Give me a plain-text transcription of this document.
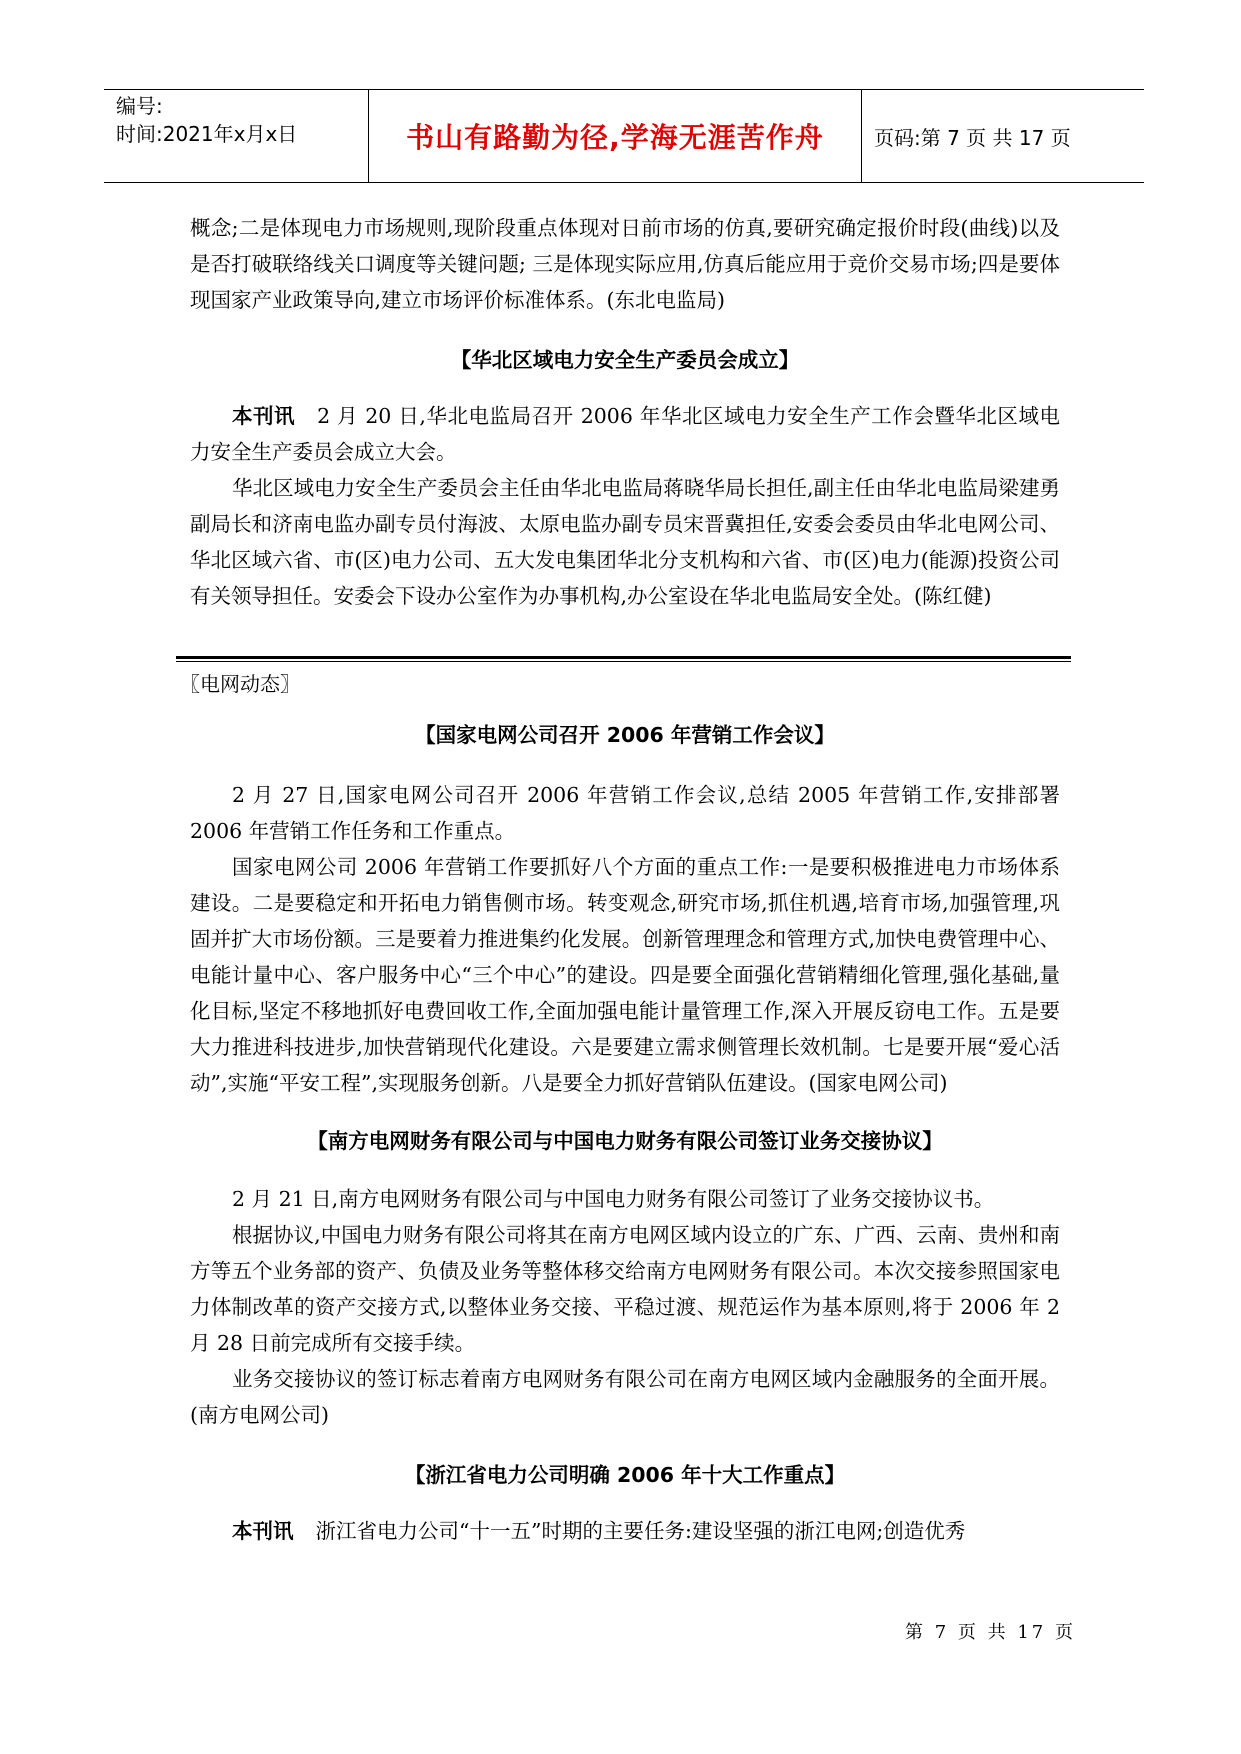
编号:
时间:2021年x月x日	书山有路勤为径,学海无涯苦作舟	页码:第 7 页 共 17 页

概念;二是体现电力市场规则,现阶段重点体现对日前市场的仿真,要研究确定报价时段(曲线)以及是否打破联络线关口调度等关键问题; 三是体现实际应用,仿真后能应用于竞价交易市场;四是要体现国家产业政策导向,建立市场评价标准体系。(东北电监局)

【华北区域电力安全生产委员会成立】

本刊讯 2 月 20 日,华北电监局召开 2006 年华北区域电力安全生产工作会暨华北区域电力安全生产委员会成立大会。

华北区域电力安全生产委员会主任由华北电监局蒋晓华局长担任,副主任由华北电监局梁建勇副局长和济南电监办副专员付海波、太原电监办副专员宋晋冀担任,安委会委员由华北电网公司、华北区域六省、市(区)电力公司、五大发电集团华北分支机构和六省、市(区)电力(能源)投资公司有关领导担任。安委会下设办公室作为办事机构,办公室设在华北电监局安全处。(陈红健)

〖电网动态〗

【国家电网公司召开 2006 年营销工作会议】

2 月 27 日,国家电网公司召开 2006 年营销工作会议,总结 2005 年营销工作,安排部署 2006 年营销工作任务和工作重点。

国家电网公司 2006 年营销工作要抓好八个方面的重点工作:一是要积极推进电力市场体系建设。二是要稳定和开拓电力销售侧市场。转变观念,研究市场,抓住机遇,培育市场,加强管理,巩固并扩大市场份额。三是要着力推进集约化发展。创新管理理念和管理方式,加快电费管理中心、电能计量中心、客户服务中心“三个中心”的建设。四是要全面强化营销精细化管理,强化基础,量化目标,坚定不移地抓好电费回收工作,全面加强电能计量管理工作,深入开展反窃电工作。五是要大力推进科技进步,加快营销现代化建设。六是要建立需求侧管理长效机制。七是要开展“爱心活动”,实施“平安工程”,实现服务创新。八是要全力抓好营销队伍建设。(国家电网公司)

【南方电网财务有限公司与中国电力财务有限公司签订业务交接协议】

2 月 21 日,南方电网财务有限公司与中国电力财务有限公司签订了业务交接协议书。

根据协议,中国电力财务有限公司将其在南方电网区域内设立的广东、广西、云南、贵州和南方等五个业务部的资产、负债及业务等整体移交给南方电网财务有限公司。本次交接参照国家电力体制改革的资产交接方式,以整体业务交接、平稳过渡、规范运作为基本原则,将于 2006 年 2 月 28 日前完成所有交接手续。

业务交接协议的签订标志着南方电网财务有限公司在南方电网区域内金融服务的全面开展。(南方电网公司)

【浙江省电力公司明确 2006 年十大工作重点】

本刊讯 浙江省电力公司“十一五”时期的主要任务:建设坚强的浙江电网;创造优秀

第 7 页 共 17 页
